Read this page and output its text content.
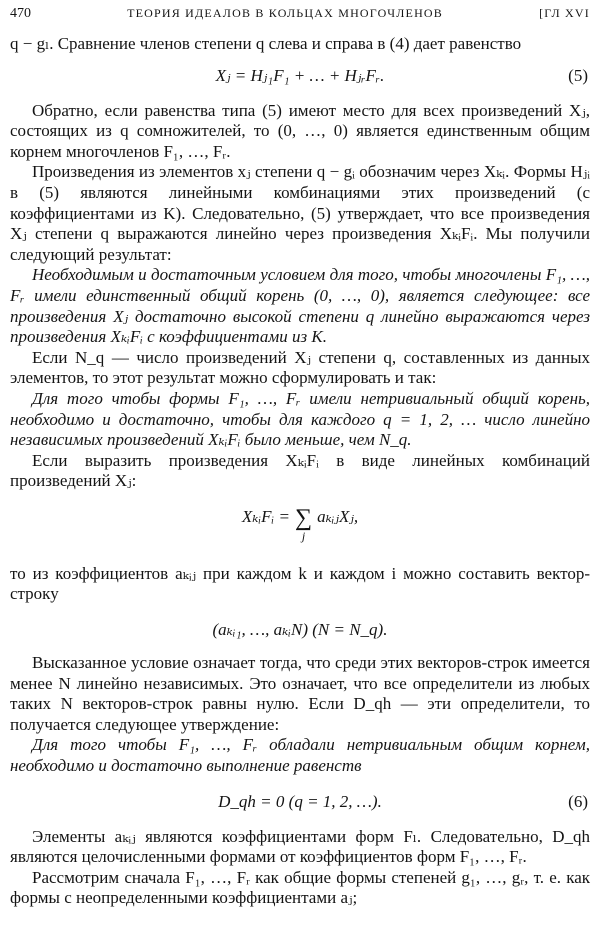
470	ТЕОРИЯ ИДЕАЛОВ В КОЛЬЦАХ МНОГОЧЛЕНОВ	[ГЛ XVI

q − gₗ. Сравнение членов степени q слева и справа в (4) дает равенство

Xⱼ = Hⱼ₁F₁ + … + HⱼᵣFᵣ.	(5)

Обратно, если равенства типа (5) имеют место для всех произведений Xⱼ, состоящих из q сомножителей, то (0, …, 0) является единственным общим корнем многочленов F₁, …, Fᵣ.

Произведения из элементов xⱼ степени q − gᵢ обозначим через Xₖᵢ. Формы Hⱼᵢ в (5) являются линейными комбинациями этих произведений (с коэффициентами из K). Следовательно, (5) утверждает, что все произведения Xⱼ степени q выражаются линейно через произведения XₖᵢFᵢ. Мы получили следующий результат:

Необходимым и достаточным условием для того, чтобы многочлены F₁, …, Fᵣ имели единственный общий корень (0, …, 0), является следующее: все произведения Xⱼ достаточно высокой степени q линейно выражаются через произведения XₖᵢFᵢ с коэффициентами из K.

Если N_q — число произведений Xⱼ степени q, составленных из данных элементов, то этот результат можно сформулировать и так:

Для того чтобы формы F₁, …, Fᵣ имели нетривиальный общий корень, необходимо и достаточно, чтобы для каждого q = 1, 2, … число линейно независимых произведений XₖᵢFᵢ было меньше, чем N_q.

Если выразить произведения XₖᵢFᵢ в виде линейных комбинаций произведений Xⱼ:

XₖᵢFᵢ = ∑
j
aₖᵢⱼXⱼ,

то из коэффициентов aₖᵢⱼ при каждом k и каждом i можно составить вектор-строку

(aₖᵢ₁, …, aₖᵢN) (N = N_q).

Высказанное условие означает тогда, что среди этих векторов-строк имеется менее N линейно независимых. Это означает, что все определители из любых таких N векторов-строк равны нулю. Если D_qh — эти определители, то получается следующее утверждение:

Для того чтобы F₁, …, Fᵣ обладали нетривиальным общим корнем, необходимо и достаточно выполнение равенств

D_qh = 0 (q = 1, 2, …).	(6)

Элементы aₖᵢⱼ являются коэффициентами форм Fₗ. Следовательно, D_qh являются целочисленными формами от коэффициентов форм F₁, …, Fᵣ.

Рассмотрим сначала F₁, …, Fᵣ как общие формы степеней g₁, …, gᵣ, т. е. как формы с неопределенными коэффициентами aⱼ;
